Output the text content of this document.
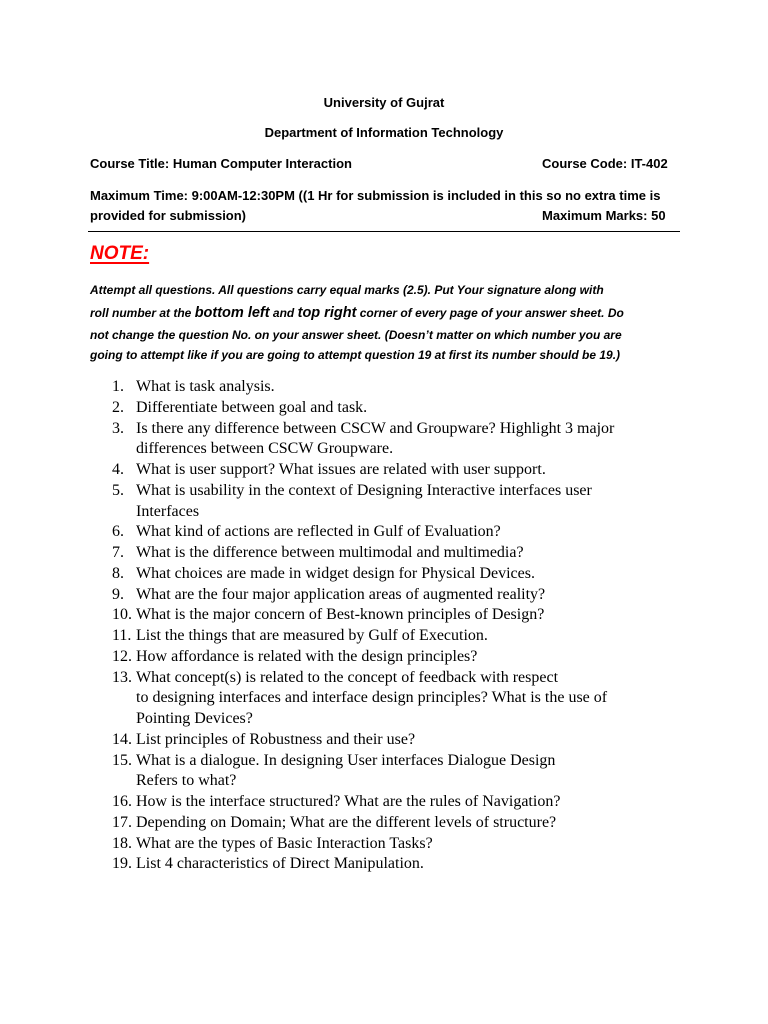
University of Gujrat
Department of Information Technology
Course Title: Human Computer Interaction	Course Code: IT-402
Maximum Time: 9:00AM-12:30PM ((1 Hr for submission is included in this so no extra time is
provided for submission)	Maximum Marks: 50
NOTE:
Attempt all questions. All questions carry equal marks (2.5). Put Your signature along with
roll number at the bottom left and top right corner of every page of your answer sheet. Do
not change the question No. on your answer sheet. (Doesn’t matter on which number you are
going to attempt like if you are going to attempt question 19 at first its number should be 19.)
1. What is task analysis.
2. Differentiate between goal and task.
3. Is there any difference between CSCW and Groupware? Highlight 3 major
differences between CSCW Groupware.
4. What is user support? What issues are related with user support.
5. What is usability in the context of Designing Interactive interfaces user
Interfaces
6. What kind of actions are reflected in Gulf of Evaluation?
7. What is the difference between multimodal and multimedia?
8. What choices are made in widget design for Physical Devices.
9. What are the four major application areas of augmented reality?
10. What is the major concern of Best-known principles of Design?
11. List the things that are measured by Gulf of Execution.
12. How affordance is related with the design principles?
13. What concept(s) is related to the concept of feedback with respect
to designing interfaces and interface design principles? What is the use of
Pointing Devices?
14. List principles of Robustness and their use?
15. What is a dialogue. In designing User interfaces Dialogue Design
Refers to what?
16. How is the interface structured? What are the rules of Navigation?
17. Depending on Domain; What are the different levels of structure?
18. What are the types of Basic Interaction Tasks?
19. List 4 characteristics of Direct Manipulation.
